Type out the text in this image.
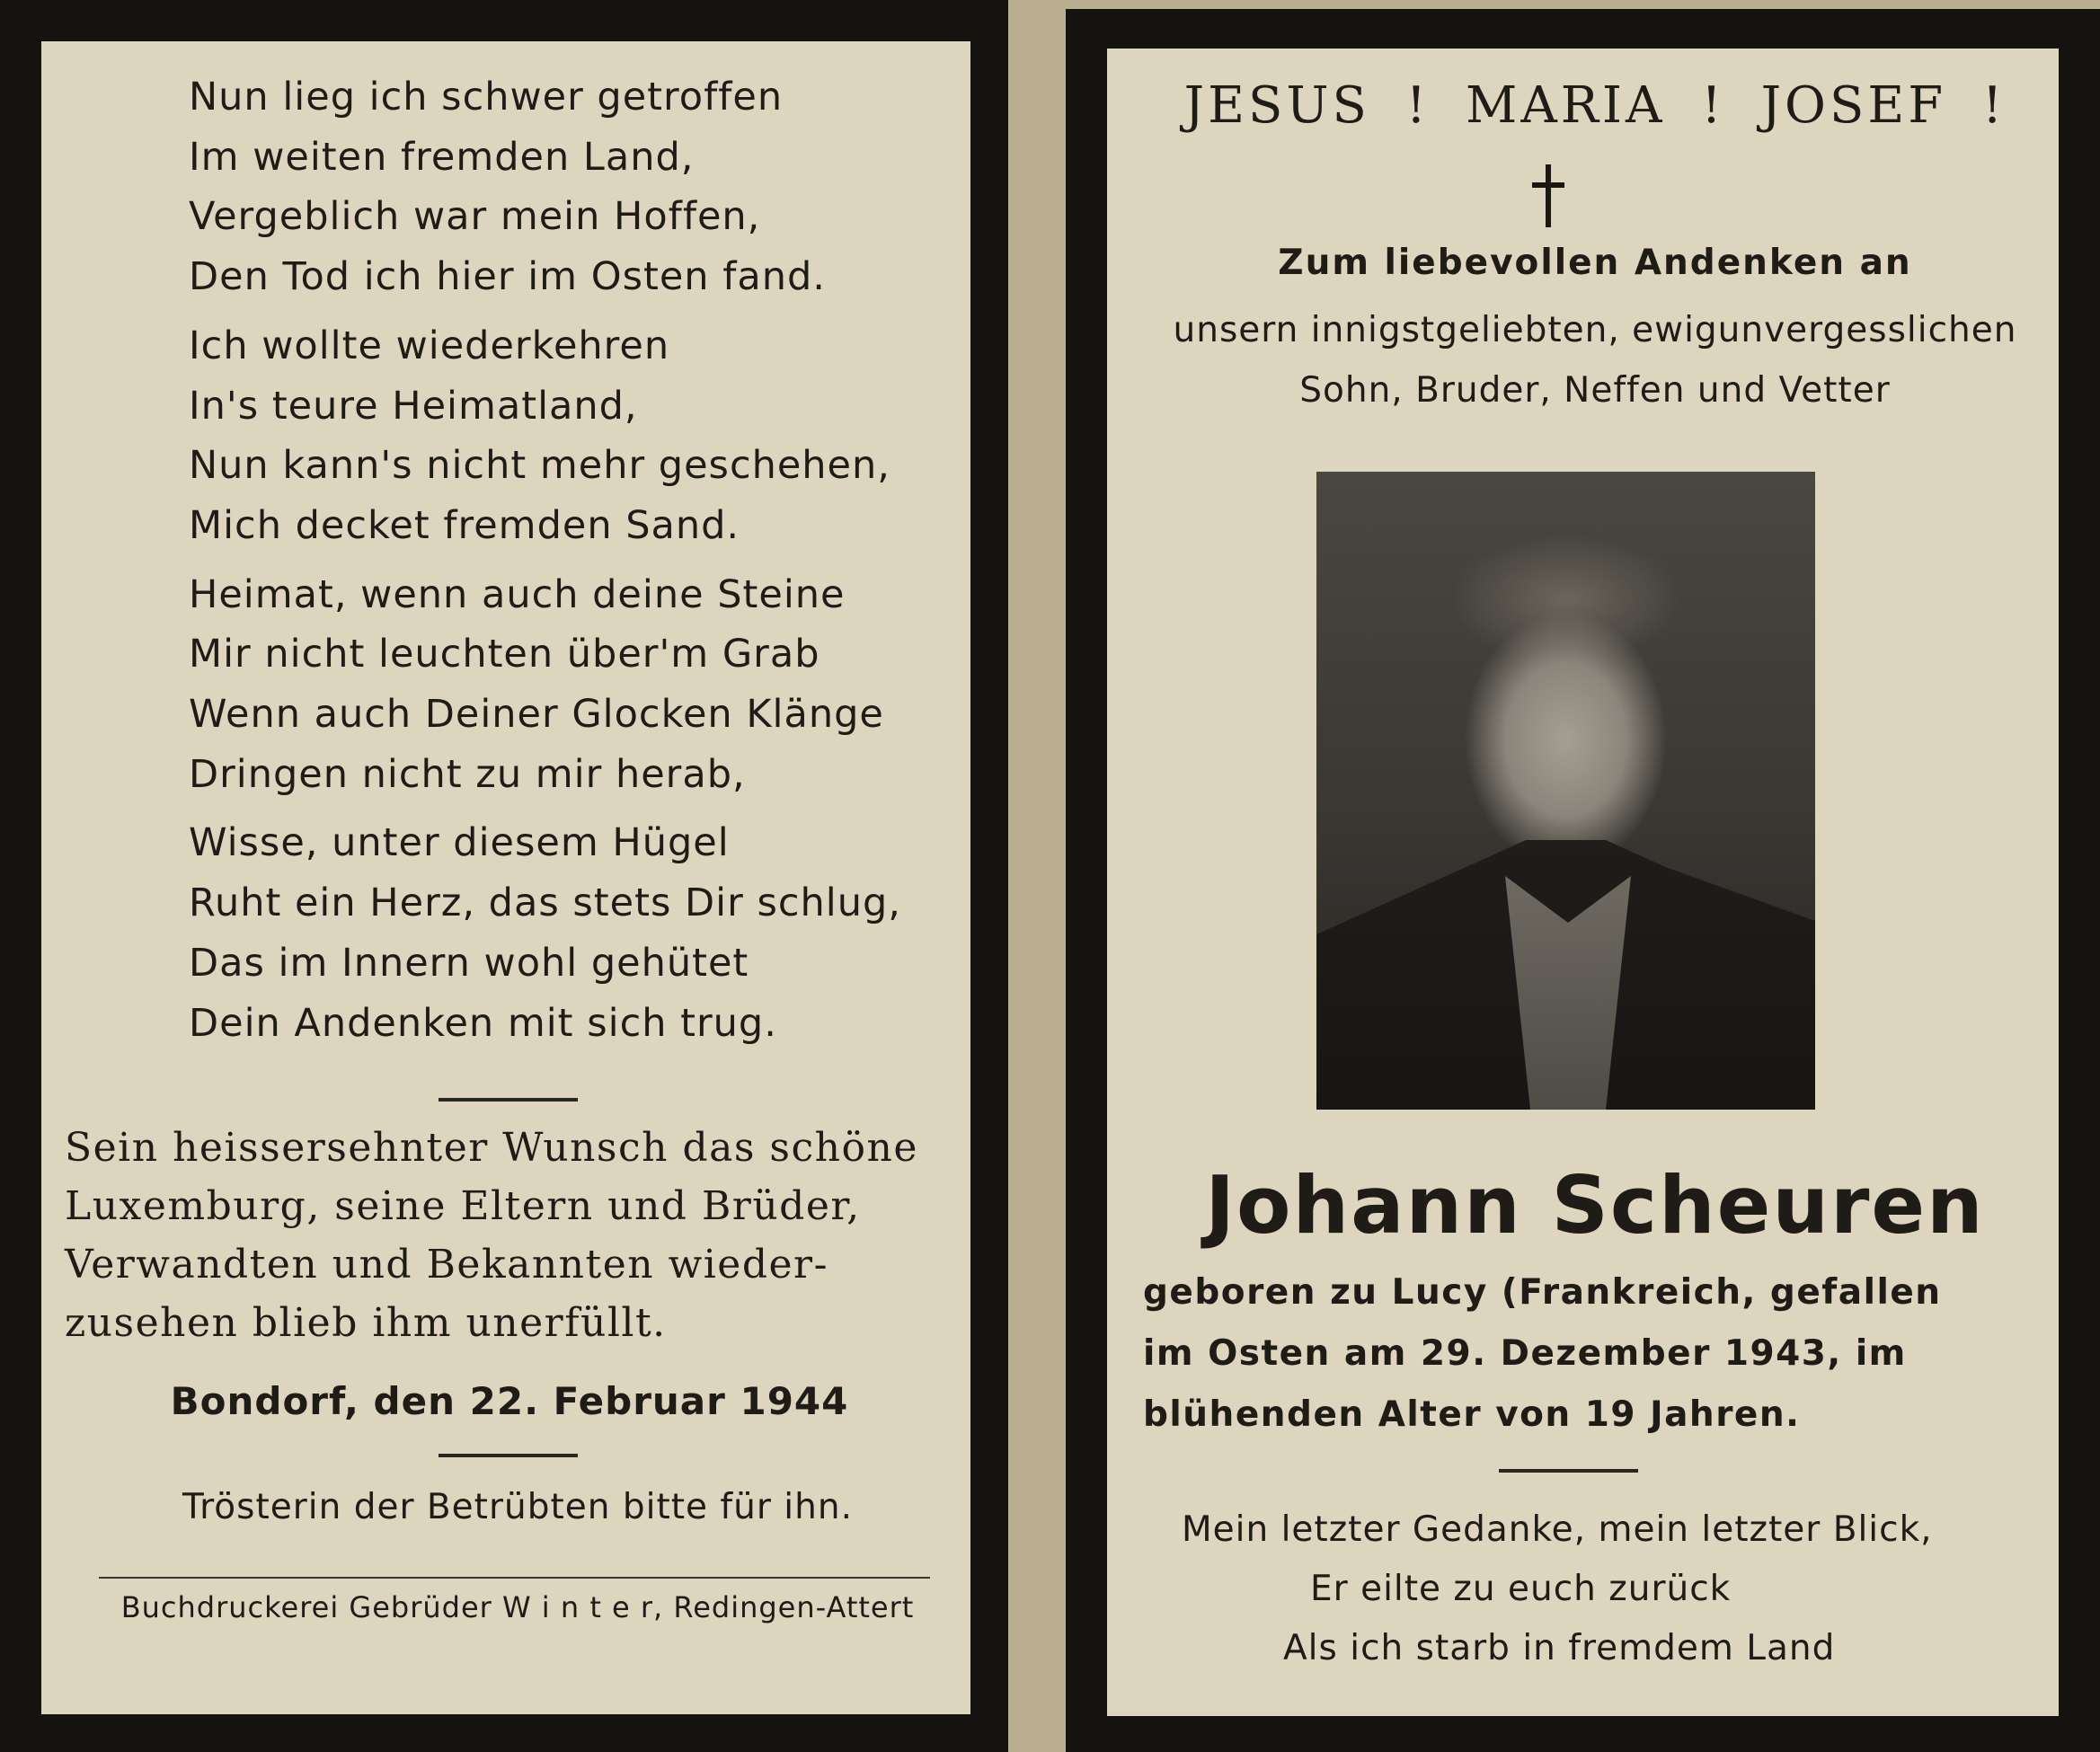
Nun lieg ich schwer getroffen
Im weiten fremden Land,
Vergeblich war mein Hoffen,
Den Tod ich hier im Osten fand.
Ich wollte wiederkehren
In's teure Heimatland,
Nun kann's nicht mehr geschehen,
Mich decket fremden Sand.
Heimat, wenn auch deine Steine
Mir nicht leuchten über'm Grab
Wenn auch Deiner Glocken Klänge
Dringen nicht zu mir herab,
Wisse, unter diesem Hügel
Ruht ein Herz, das stets Dir schlug,
Das im Innern wohl gehütet
Dein Andenken mit sich trug.
Sein heissersehnter Wunsch das schöne
Luxemburg, seine Eltern und Brüder,
Verwandten und Bekannten wieder-
zusehen blieb ihm unerfüllt.
Bondorf, den 22. Februar 1944
Trösterin der Betrübten bitte für ihn.
Buchdruckerei Gebrüder W i n t e r, Redingen-Attert
JESUS ! MARIA ! JOSEF !
Zum liebevollen Andenken an
unsern innigstgeliebten, ewigunvergesslichen
Sohn, Bruder, Neffen und Vetter
Johann Scheuren
geboren zu Lucy (Frankreich, gefallen
im Osten am 29. Dezember 1943, im
blühenden Alter von 19 Jahren.
Mein letzter Gedanke, mein letzter Blick,
Er eilte zu euch zurück
Als ich starb in fremdem Land
